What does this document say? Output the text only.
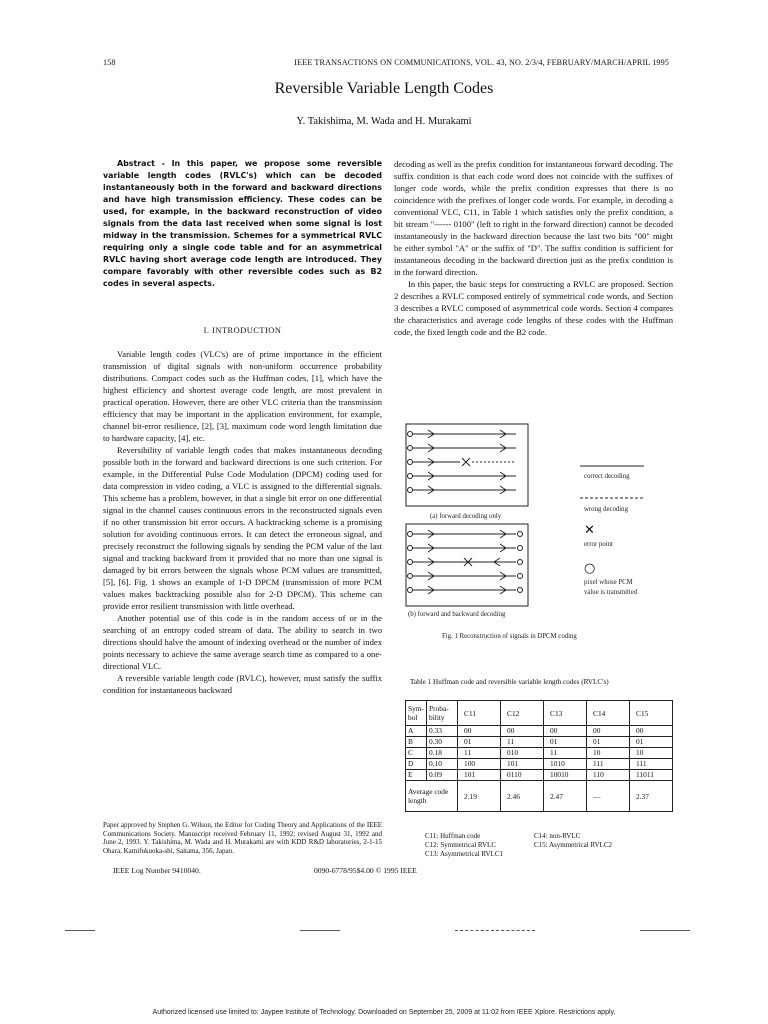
158	IEEE TRANSACTIONS ON COMMUNICATIONS, VOL. 43, NO. 2/3/4, FEBRUARY/MARCH/APRIL 1995
Reversible Variable Length Codes
Y. Takishima, M. Wada and H. Murakami

Abstract - In this paper, we propose some reversible variable length codes (RVLC's) which can be decoded instantaneously both in the forward and backward directions and have high transmission efficiency. These codes can be used, for example, in the backward reconstruction of video signals from the data last received when some signal is lost midway in the transmission. Schemes for a symmetrical RVLC requiring only a single code table and for an asymmetrical RVLC having short average code length are introduced. They compare favorably with other reversible codes such as B2 codes in several aspects.

I. INTRODUCTION

Variable length codes (VLC's) are of prime importance in the efficient transmission of digital signals with non-uniform occurrence probability distributions. Compact codes such as the Huffman codes, [1], which have the highest efficiency and shortest average code length, are most prevalent in practical operation. However, there are other VLC criteria than the transmission efficiency that may be important in the application environment, for example, channel bit-error resilience, [2], [3], maximum code word length limitation due to hardware capacity, [4], etc.

Reversibility of variable length codes that makes instantaneous decoding possible both in the forward and backward directions is one such criterion. For example, in the Differential Pulse Code Modulation (DPCM) coding used for data compression in video coding, a VLC is assigned to the differential signals. This scheme has a problem, however, in that a single bit error on one differential signal in the channel causes continuous errors in the reconstructed signals even if no other transmission bit error occurs. A backtracking scheme is a promising solution for avoiding continuous errors. It can detect the erroneous signal, and precisely reconstruct the following signals by sending the PCM value of the last signal and tracking backward from it provided that no more than one signal is damaged by bit errors between the signals whose PCM values are transmitted, [5], [6]. Fig. 1 shows an example of 1-D DPCM (transmission of more PCM values makes backtracking possible also for 2-D DPCM). This scheme can provide error resilient transmission with little overhead.

Another potential use of this code is in the random access of or in the searching of an entropy coded stream of data. The ability to search in two directions should halve the amount of indexing overhead or the number of index points necessary to achieve the same average search time as compared to a one-directional VLC.

A reversible variable length code (RVLC), however, must satisfy the suffix condition for instantaneous backward

decoding as well as the prefix condition for instantaneous forward decoding. The suffix condition is that each code word does not coincide with the suffixes of longer code words, while the prefix condition expresses that there is no coincidence with the prefixes of longer code words. For example, in decoding a conventional VLC, C11, in Table 1 which satisfies only the prefix condition, a bit stream "------ 0100" (left to right in the forward direction) cannot be decoded instantaneously in the backward direction because the last two bits "00" might be either symbol "A" or the suffix of "D". The suffix condition is sufficient for instantaneous decoding in the backward direction just as the prefix condition is in the forward direction.

In this paper, the basic steps for constructing a RVLC are proposed. Section 2 describes a RVLC composed entirely of symmetrical code words, and Section 3 describes a RVLC composed of asymmetrical code words. Section 4 compares the characteristics and average code lengths of these codes with the Huffman code, the fixed length code and the B2 code.

Paper approved by Stephen G. Wilson, the Editor for Coding Theory and Applications of the IEEE Communications Society. Manuscript received February 11, 1992; revised August 31, 1992 and June 2, 1993. Y. Takishima, M. Wada and H. Murakami are with KDD R&D laboratories, 2-1-15 Ohara, Kamifukuoka-shi, Saitama, 356, Japan.
IEEE Log Number 9410040.	0090-6778/95$4.00 © 1995 IEEE
correct decoding
wrong decoding
✕
error point
○
pixel whose PCM
value is transmitted
(a) forward decoding only
(b) forward and backward decoding
Fig. 1 Reconstruction of signals in DPCM coding
Table 1 Huffman code and reversible variable length codes (RVLC's)
Sym-bol	Proba-bility	C11	C12	C13	C14	C15
A	0.33	00	00	00	00	00
B	0.30	01	11	01	01	01
C	0.18	11	010	11	10	10
D	0.10	100	101	1010	111	111
E	0.09	101	0110	10010	110	11011
Average code length		2.19	2.46	2.47	—	2.37
C11: Huffman code
C12: Symmetrical RVLC
C13: Asymmetrical RVLC1
C14: non-RVLC
C15: Asymmetrical RVLC2
Authorized licensed use limited to: Jaypee Institute of Technology. Downloaded on September 25, 2009 at 11:02 from IEEE Xplore. Restrictions apply.
